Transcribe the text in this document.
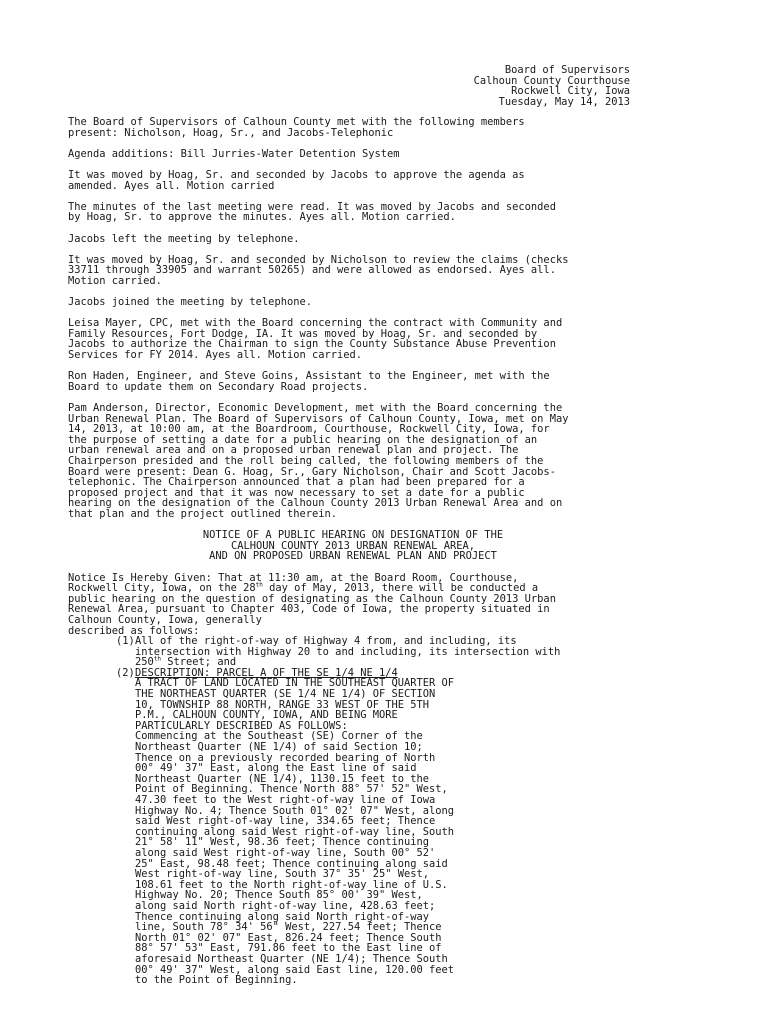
Board of Supervisors
Calhoun County Courthouse
Rockwell City, Iowa
Tuesday, May 14, 2013

The Board of Supervisors of Calhoun County met with the following members
present: Nicholson, Hoag, Sr., and Jacobs-Telephonic

Agenda additions: Bill Jurries-Water Detention System

It was moved by Hoag, Sr. and seconded by Jacobs to approve the agenda as
amended. Ayes all. Motion carried

The minutes of the last meeting were read. It was moved by Jacobs and seconded
by Hoag, Sr. to approve the minutes. Ayes all. Motion carried.

Jacobs left the meeting by telephone.

It was moved by Hoag, Sr. and seconded by Nicholson to review the claims (checks
33711 through 33905 and warrant 50265) and were allowed as endorsed. Ayes all.
Motion carried.

Jacobs joined the meeting by telephone.

Leisa Mayer, CPC, met with the Board concerning the contract with Community and
Family Resources, Fort Dodge, IA. It was moved by Hoag, Sr. and seconded by
Jacobs to authorize the Chairman to sign the County Substance Abuse Prevention
Services for FY 2014. Ayes all. Motion carried.

Ron Haden, Engineer, and Steve Goins, Assistant to the Engineer, met with the
Board to update them on Secondary Road projects.

Pam Anderson, Director, Economic Development, met with the Board concerning the
Urban Renewal Plan. The Board of Supervisors of Calhoun County, Iowa, met on May
14, 2013, at 10:00 am, at the Boardroom, Courthouse, Rockwell City, Iowa, for
the purpose of setting a date for a public hearing on the designation of an
urban renewal area and on a proposed urban renewal plan and project. The
Chairperson presided and the roll being called, the following members of the
Board were present: Dean G. Hoag, Sr., Gary Nicholson, Chair and Scott Jacobs-
telephonic. The Chairperson announced that a plan had been prepared for a
proposed project and that it was now necessary to set a date for a public
hearing on the designation of the Calhoun County 2013 Urban Renewal Area and on
that plan and the project outlined therein.

NOTICE OF A PUBLIC HEARING ON DESIGNATION OF THE
CALHOUN COUNTY 2013 URBAN RENEWAL AREA,
AND ON PROPOSED URBAN RENEWAL PLAN AND PROJECT
Notice Is Hereby Given: That at 11:30 am, at the Board Room, Courthouse,
Rockwell City, Iowa, on the 28th day of May, 2013, there will be conducted a
public hearing on the question of designating as the Calhoun County 2013 Urban
Renewal Area, pursuant to Chapter 403, Code of Iowa, the property situated in
Calhoun County, Iowa, generally
described as follows:
(1) All of the right-of-way of Highway 4 from, and including, its
intersection with Highway 20 to and including, its intersection with
250th Street; and
(2) DESCRIPTION: PARCEL A OF THE SE 1/4 NE 1/4
A TRACT OF LAND LOCATED IN THE SOUTHEAST QUARTER OF
THE NORTHEAST QUARTER (SE 1/4 NE 1/4) OF SECTION
10, TOWNSHIP 88 NORTH, RANGE 33 WEST OF THE 5TH
P.M., CALHOUN COUNTY, IOWA, AND BEING MORE
PARTICULARLY DESCRIBED AS FOLLOWS:
Commencing at the Southeast (SE) Corner of the
Northeast Quarter (NE 1/4) of said Section 10;
Thence on a previously recorded bearing of North
00° 49' 37" East, along the East line of said
Northeast Quarter (NE 1/4), 1130.15 feet to the
Point of Beginning. Thence North 88° 57' 52" West,
47.30 feet to the West right-of-way line of Iowa
Highway No. 4; Thence South 01° 02' 07" West, along
said West right-of-way line, 334.65 feet; Thence
continuing along said West right-of-way line, South
21° 58' 11" West, 98.36 feet; Thence continuing
along said West right-of-way line, South 00° 52'
25" East, 98.48 feet; Thence continuing along said
West right-of-way line, South 37° 35' 25" West,
108.61 feet to the North right-of-way line of U.S.
Highway No. 20; Thence South 85° 00' 39" West,
along said North right-of-way line, 428.63 feet;
Thence continuing along said North right-of-way
line, South 78° 34' 56" West, 227.54 feet; Thence
North 01° 02' 07" East, 826.24 feet; Thence South
88° 57' 53" East, 791.86 feet to the East line of
aforesaid Northeast Quarter (NE 1/4); Thence South
00° 49' 37" West, along said East line, 120.00 feet
to the Point of Beginning.
